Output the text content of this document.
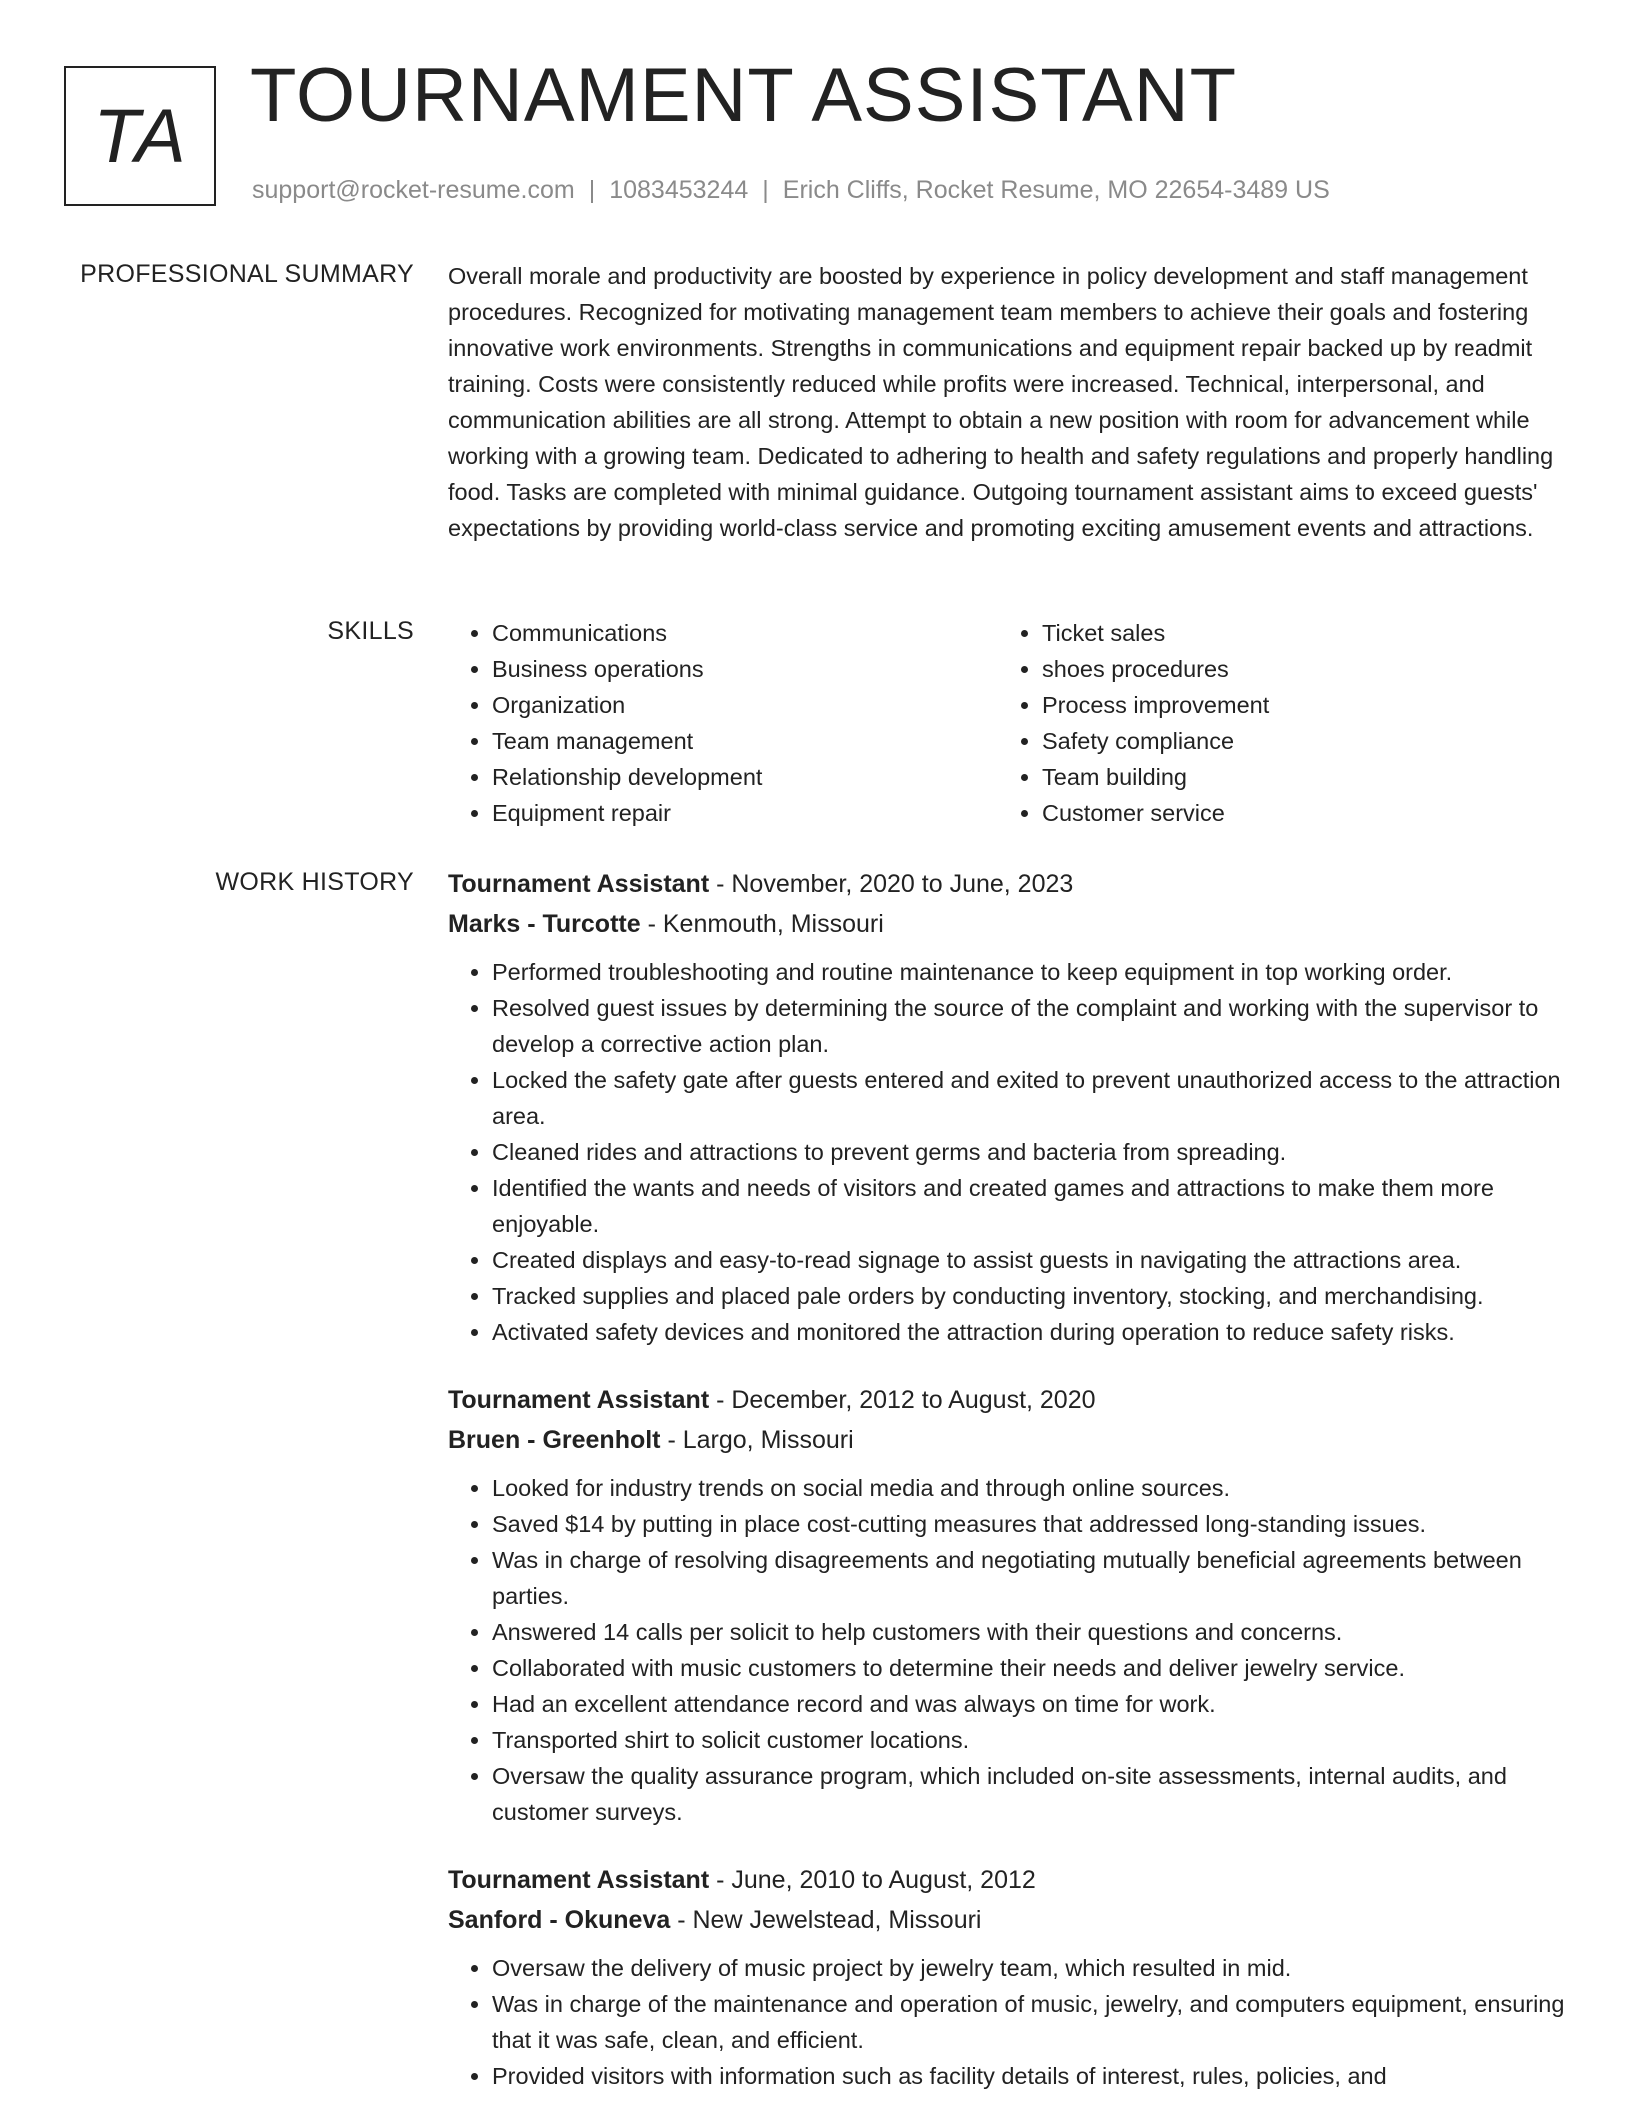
TA TOURNAMENT ASSISTANT
support@rocket-resume.com | 1083453244 | Erich Cliffs, Rocket Resume, MO 22654-3489 US
PROFESSIONAL SUMMARY Overall morale and productivity are boosted by experience in policy development and staff management procedures. Recognized for motivating management team members to achieve their goals and fostering innovative work environments. Strengths in communications and equipment repair backed up by readmit training. Costs were consistently reduced while profits were increased. Technical, interpersonal, and communication abilities are all strong. Attempt to obtain a new position with room for advancement while working with a growing team. Dedicated to adhering to health and safety regulations and properly handling food. Tasks are completed with minimal guidance. Outgoing tournament assistant aims to exceed guests' expectations by providing world-class service and promoting exciting amusement events and attractions.

SKILLS
•	Communications
• Business operations
• Organization
• Team management
• Relationship development
• Equipment repair
• Ticket sales
• shoes procedures
• Process improvement
• Safety compliance
• Team building
• Customer service
WORK HISTORY Tournament Assistant - November, 2020 to June, 2023
Marks - Turcotte - Kenmouth, Missouri
• Performed troubleshooting and routine maintenance to keep equipment in top working order.
• Resolved guest issues by determining the source of the complaint and working with the supervisor to develop a corrective action plan.
• Locked the safety gate after guests entered and exited to prevent unauthorized access to the attraction area.
• Cleaned rides and attractions to prevent germs and bacteria from spreading.
• Identified the wants and needs of visitors and created games and attractions to make them more enjoyable.
• Created displays and easy-to-read signage to assist guests in navigating the attractions area.
• Tracked supplies and placed pale orders by conducting inventory, stocking, and merchandising.
• Activated safety devices and monitored the attraction during operation to reduce safety risks.
Tournament Assistant - December, 2012 to August, 2020
Bruen - Greenholt - Largo, Missouri
• Looked for industry trends on social media and through online sources.
• Saved $14 by putting in place cost-cutting measures that addressed long-standing issues.
• Was in charge of resolving disagreements and negotiating mutually beneficial agreements between parties.
• Answered 14 calls per solicit to help customers with their questions and concerns.
• Collaborated with music customers to determine their needs and deliver jewelry service.
• Had an excellent attendance record and was always on time for work.
• Transported shirt to solicit customer locations.
• Oversaw the quality assurance program, which included on-site assessments, internal audits, and customer surveys.
Tournament Assistant - June, 2010 to August, 2012
Sanford - Okuneva - New Jewelstead, Missouri
• Oversaw the delivery of music project by jewelry team, which resulted in mid.
• Was in charge of the maintenance and operation of music, jewelry, and computers equipment, ensuring that it was safe, clean, and efficient.
• Provided visitors with information such as facility details of interest, rules, policies, and
